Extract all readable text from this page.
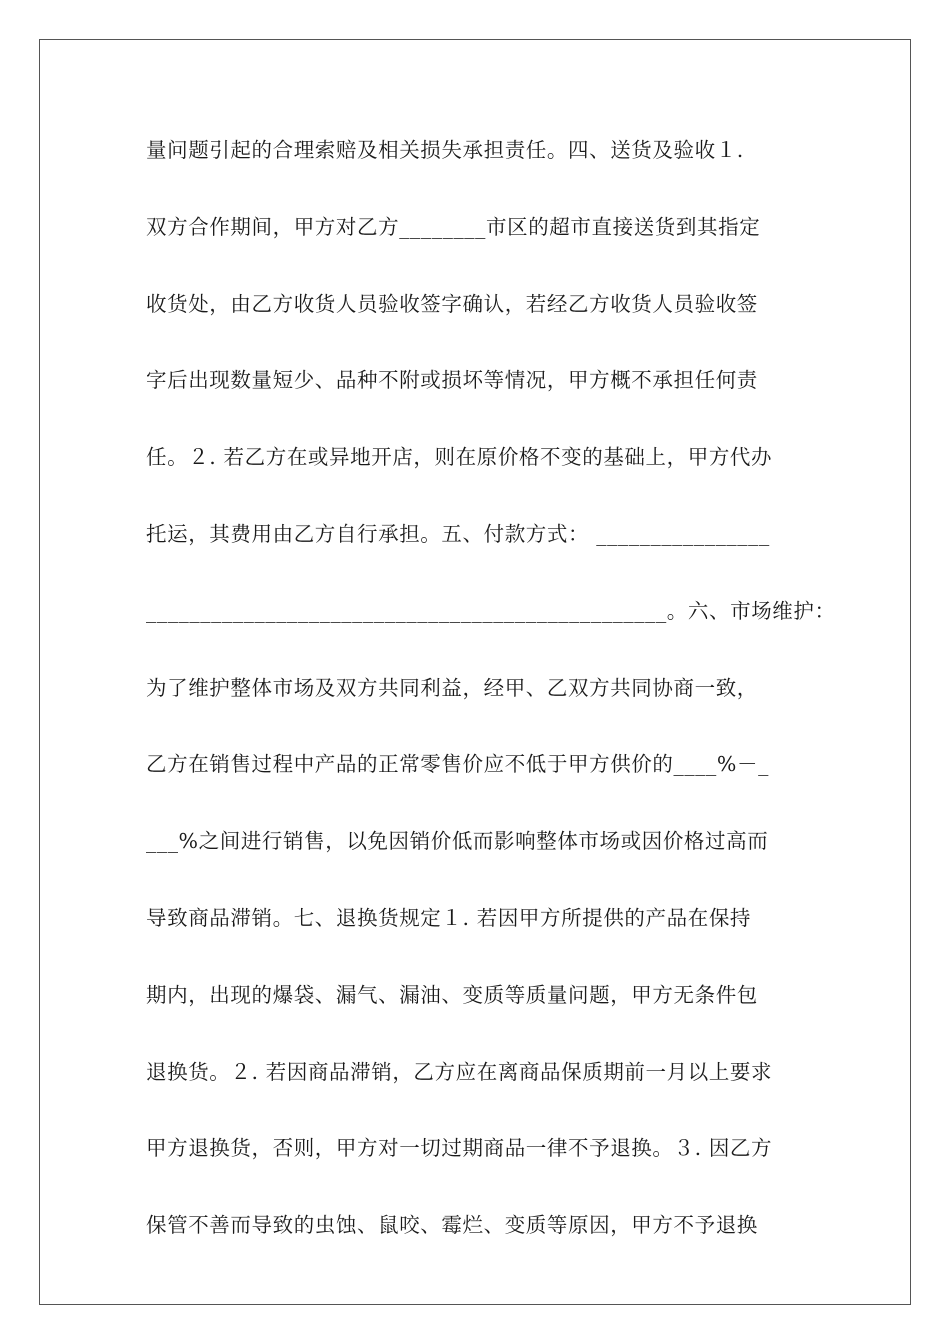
量问题引起的合理索赔及相关损失承担责任。四、送货及验收１.
双方合作期间，甲方对乙方________市区的超市直接送货到其指定
收货处，由乙方收货人员验收签字确认，若经乙方收货人员验收签
字后出现数量短少、品种不附或损坏等情况，甲方概不承担任何责
任。２. 若乙方在或异地开店，则在原价格不变的基础上，甲方代办
托运，其费用由乙方自行承担。五、付款方式： ________________
________________________________________________。六、市场维护：
为了维护整体市场及双方共同利益，经甲、乙双方共同协商一致，
乙方在销售过程中产品的正常零售价应不低于甲方供价的____%－_
___%之间进行销售，以免因销价低而影响整体市场或因价格过高而
导致商品滞销。七、退换货规定１. 若因甲方所提供的产品在保持
期内，出现的爆袋、漏气、漏油、变质等质量问题，甲方无条件包
退换货。２. 若因商品滞销，乙方应在离商品保质期前一月以上要求
甲方退换货，否则，甲方对一切过期商品一律不予退换。３. 因乙方
保管不善而导致的虫蚀、鼠咬、霉烂、变质等原因，甲方不予退换
